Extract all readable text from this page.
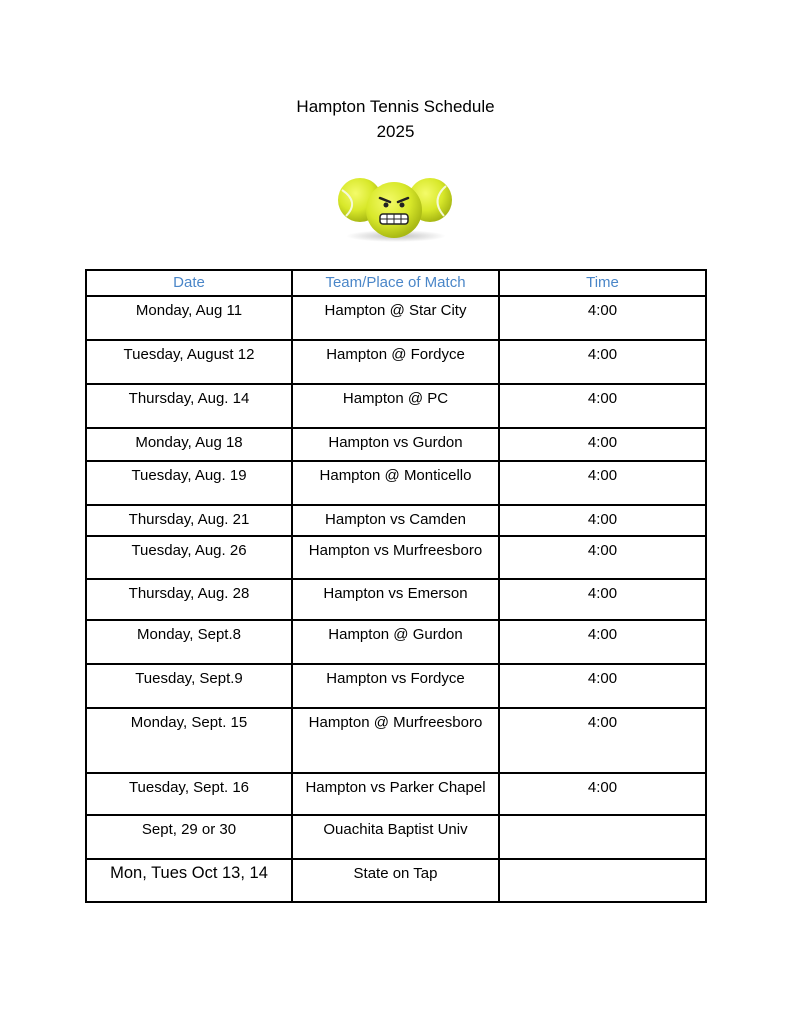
Hampton Tennis Schedule
2025
Date	Team/Place of Match	Time

Monday, Aug 11	Hampton @ Star City	4:00

Tuesday, August 12	Hampton @ Fordyce	4:00

Thursday, Aug. 14	Hampton @ PC	4:00

Monday, Aug 18	Hampton vs Gurdon	4:00

Tuesday, Aug. 19	Hampton @ Monticello	4:00

Thursday, Aug. 21	Hampton vs Camden	4:00

Tuesday, Aug. 26	Hampton vs Murfreesboro	4:00

Thursday, Aug. 28	Hampton vs Emerson	4:00

Monday, Sept.8	Hampton @ Gurdon	4:00

Tuesday, Sept.9	Hampton vs Fordyce	4:00

Monday, Sept. 15	Hampton @ Murfreesboro	4:00

Tuesday, Sept. 16	Hampton vs Parker Chapel	4:00

Sept, 29 or 30	Ouachita Baptist Univ	

Mon, Tues Oct 13, 14	State on Tap	
